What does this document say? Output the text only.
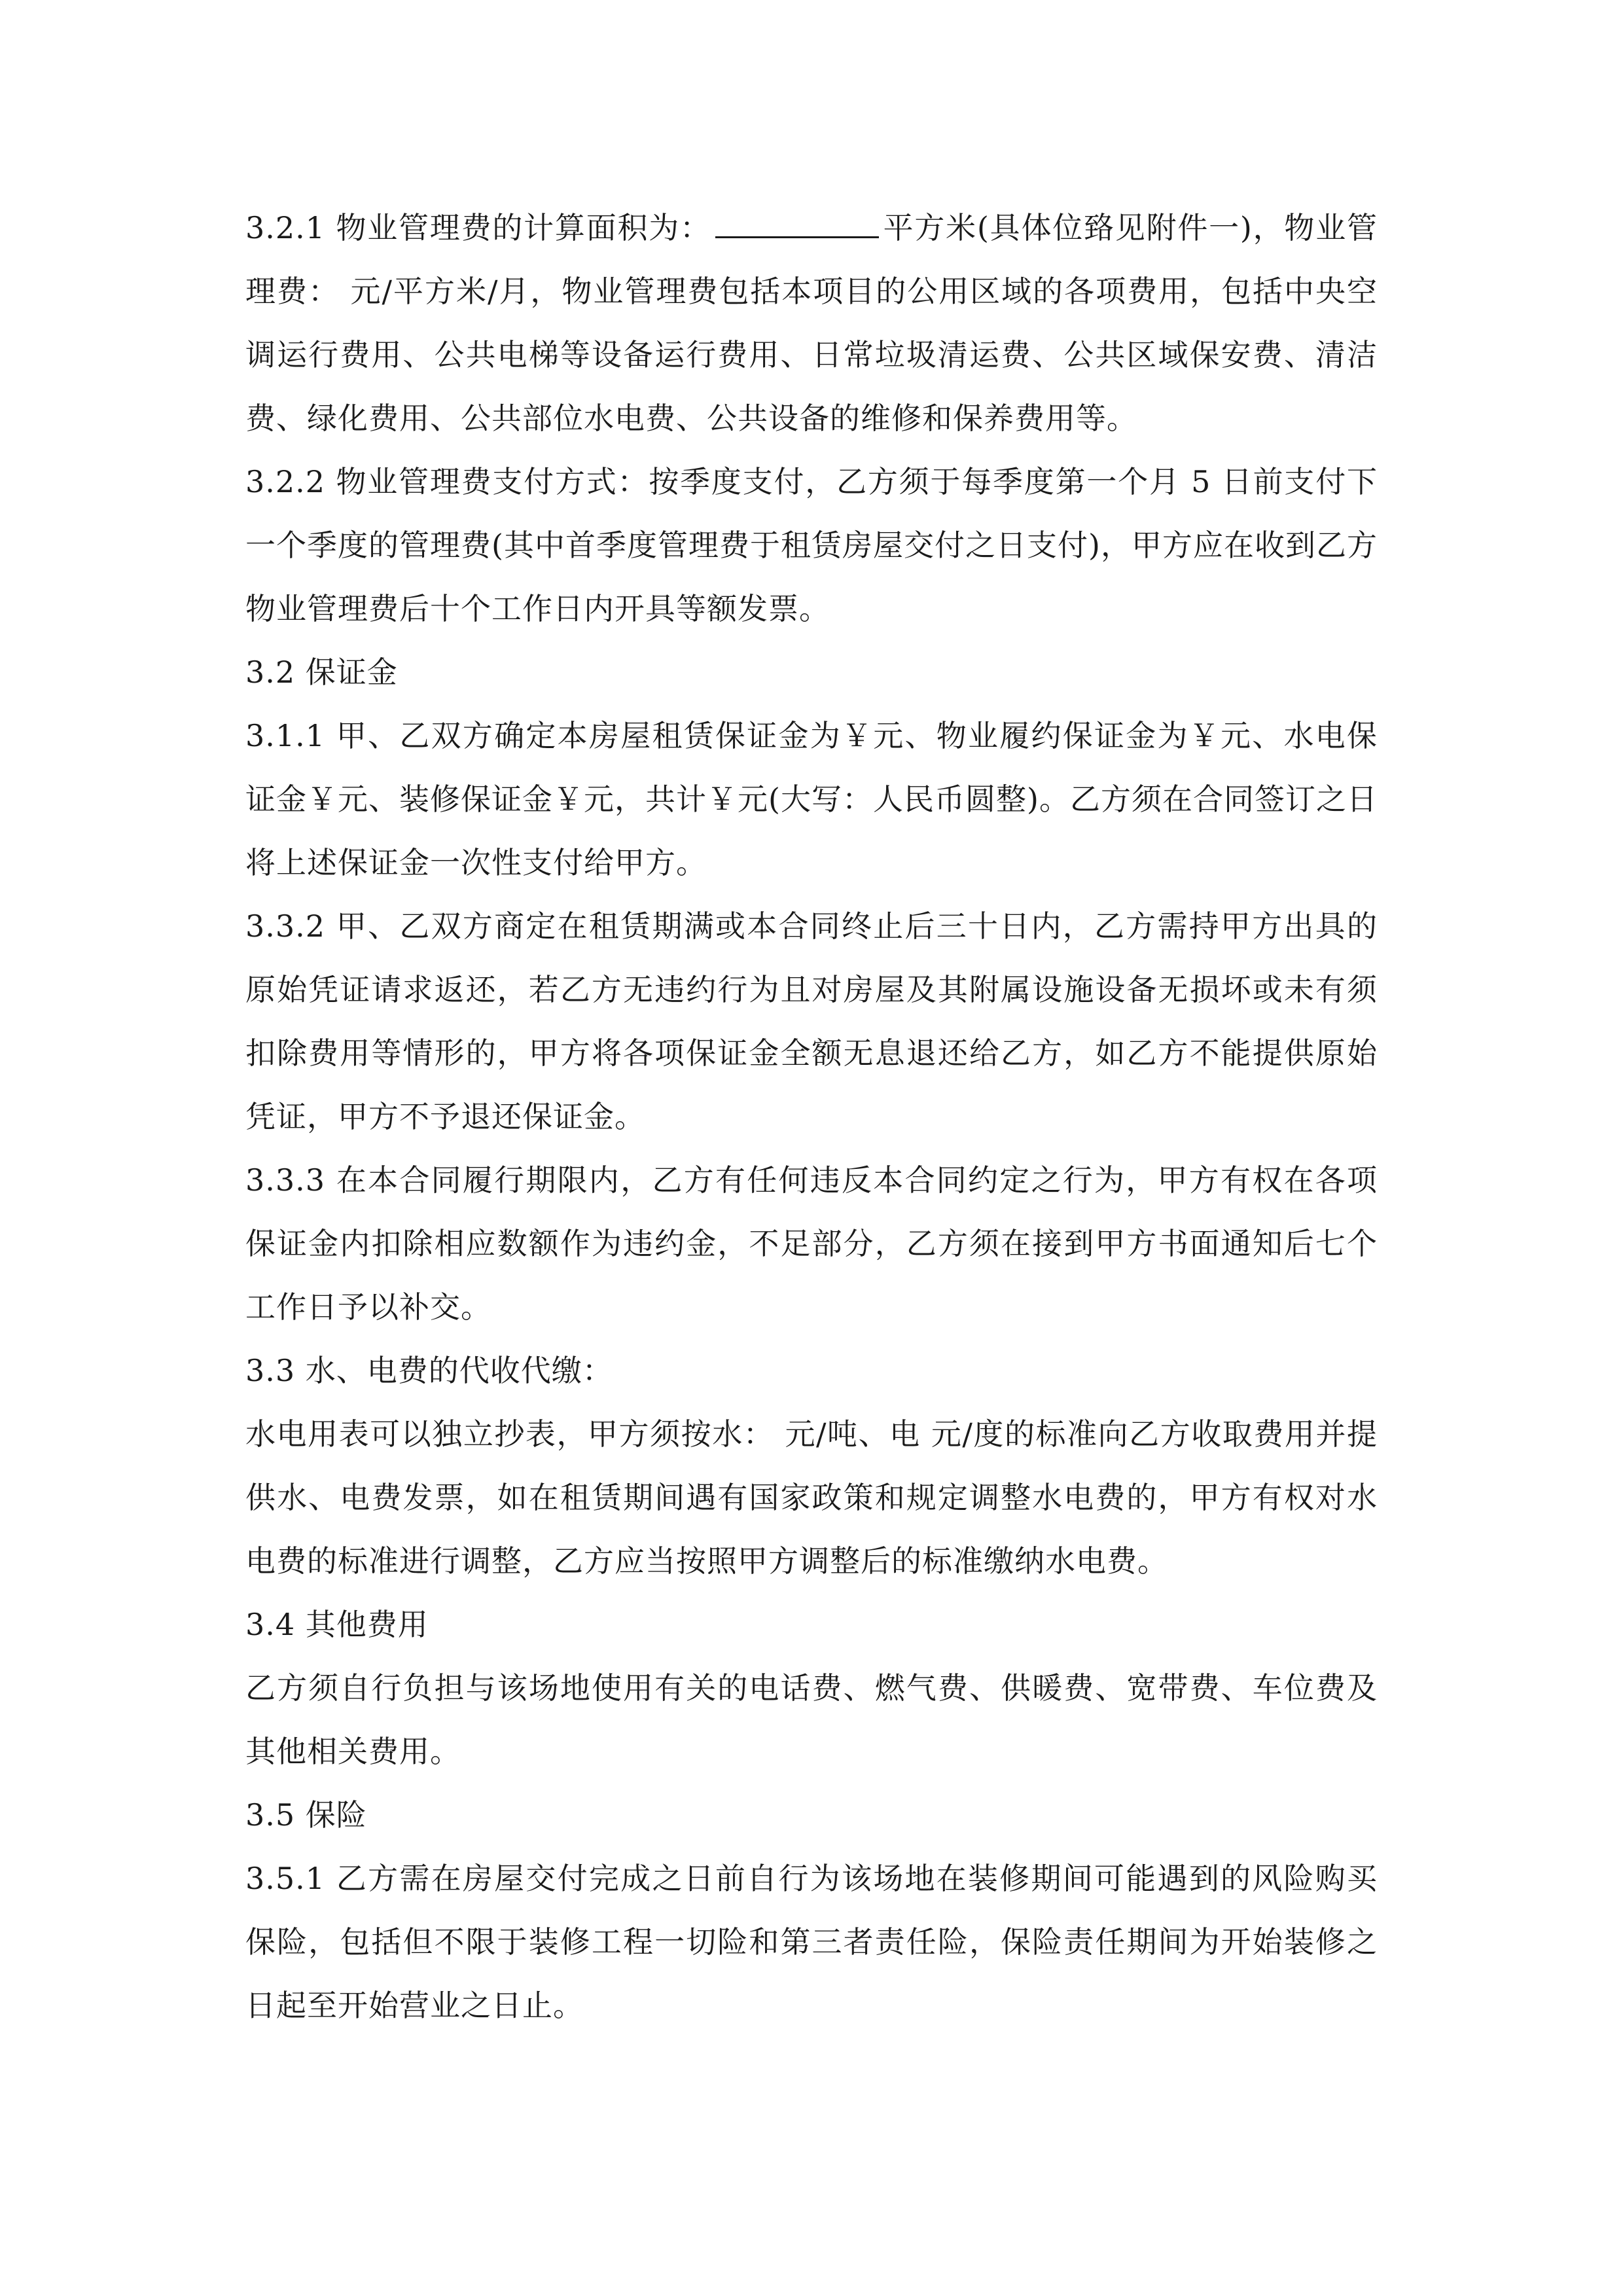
3.2.1 物业管理费的计算面积为：	平方米(具体位臵见附件一)，物业管理费： 元/平方米/月，物业管理费包括本项目的公用区域的各项费用，包括中央空调运行费用、公共电梯等设备运行费用、日常垃圾清运费、公共区域保安费、清洁费、绿化费用、公共部位水电费、公共设备的维修和保养费用等。

3.2.2 物业管理费支付方式：按季度支付，乙方须于每季度第一个月 5 日前支付下一个季度的管理费(其中首季度管理费于租赁房屋交付之日支付)，甲方应在收到乙方物业管理费后十个工作日内开具等额发票。

3.2 保证金

3.1.1 甲、乙双方确定本房屋租赁保证金为￥元、物业履约保证金为￥元、水电保证金￥元、装修保证金￥元，共计￥元(大写：人民币圆整)。乙方须在合同签订之日将上述保证金一次性支付给甲方。

3.3.2 甲、乙双方商定在租赁期满或本合同终止后三十日内，乙方需持甲方出具的原始凭证请求返还，若乙方无违约行为且对房屋及其附属设施设备无损坏或未有须扣除费用等情形的，甲方将各项保证金全额无息退还给乙方，如乙方不能提供原始凭证，甲方不予退还保证金。

3.3.3 在本合同履行期限内，乙方有任何违反本合同约定之行为，甲方有权在各项保证金内扣除相应数额作为违约金，不足部分，乙方须在接到甲方书面通知后七个工作日予以补交。

3.3 水、电费的代收代缴：

水电用表可以独立抄表，甲方须按水： 元/吨、电 元/度的标准向乙方收取费用并提供水、电费发票，如在租赁期间遇有国家政策和规定调整水电费的，甲方有权对水电费的标准进行调整，乙方应当按照甲方调整后的标准缴纳水电费。

3.4 其他费用

乙方须自行负担与该场地使用有关的电话费、燃气费、供暖费、宽带费、车位费及其他相关费用。

3.5 保险

3.5.1 乙方需在房屋交付完成之日前自行为该场地在装修期间可能遇到的风险购买保险，包括但不限于装修工程一切险和第三者责任险，保险责任期间为开始装修之日起至开始营业之日止。
